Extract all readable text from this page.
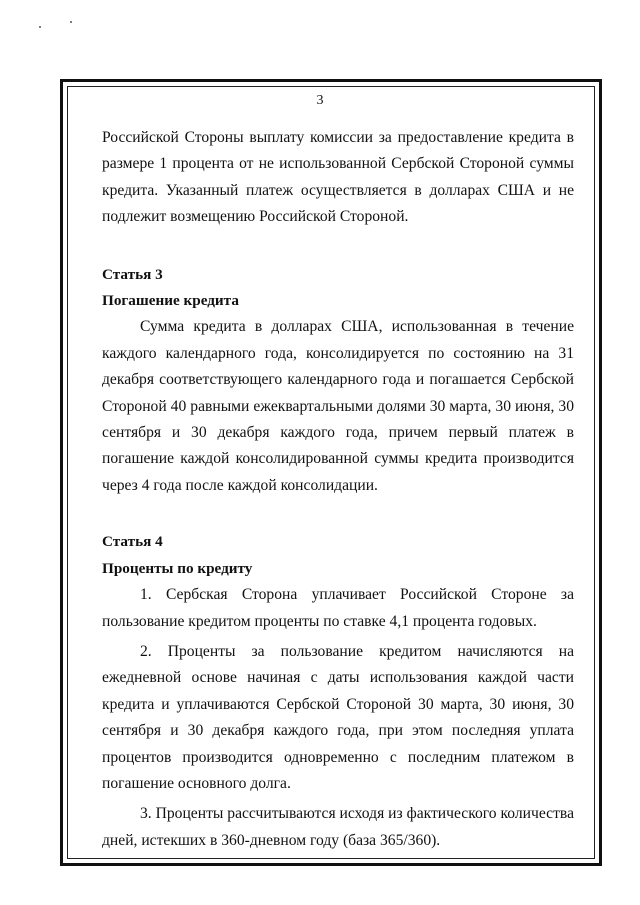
3

Российской Стороны выплату комиссии за предоставление кредита в размере 1 процента от не использованной Сербской Стороной суммы кредита. Указанный платеж осуществляется в долларах США и не подлежит возмещению Российской Стороной.

Статья 3

Погашение кредита

Сумма кредита в долларах США, использованная в течение каждого календарного года, консолидируется по состоянию на 31 декабря соответствующего календарного года и погашается Сербской Стороной 40 равными ежеквартальными долями 30 марта, 30 июня, 30 сентября и 30 декабря каждого года, причем первый платеж в погашение каждой консолидированной суммы кредита производится через 4 года после каждой консолидации.

Статья 4

Проценты по кредиту

1. Сербская Сторона уплачивает Российской Стороне за пользование кредитом проценты по ставке 4,1 процента годовых.

2. Проценты за пользование кредитом начисляются на ежедневной основе начиная с даты использования каждой части кредита и уплачиваются Сербской Стороной 30 марта, 30 июня, 30 сентября и 30 декабря каждого года, при этом последняя уплата процентов производится одновременно с последним платежом в погашение основного долга.

3. Проценты рассчитываются исходя из фактического количества дней, истекших в 360-дневном году (база 365/360).
